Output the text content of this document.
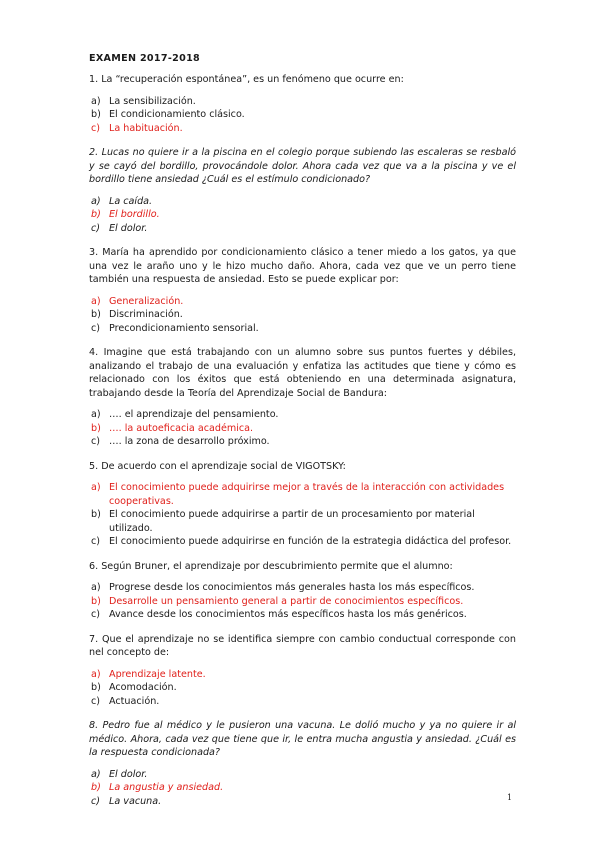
EXAMEN 2017-2018

1. La “recuperación espontánea”, es un fenómeno que ocurre en:

a) La sensibilización.
b) El condicionamiento clásico.
c) La habituación.

2. Lucas no quiere ir a la piscina en el colegio porque subiendo las escaleras se resbaló y se cayó del bordillo, provocándole dolor. Ahora cada vez que va a la piscina y ve el bordillo tiene ansiedad ¿Cuál es el estímulo condicionado?

a) La caída.
b) El bordillo.
c) El dolor.

3. María ha aprendido por condicionamiento clásico a tener miedo a los gatos, ya que una vez le araño uno y le hizo mucho daño. Ahora, cada vez que ve un perro tiene también una respuesta de ansiedad. Esto se puede explicar por:

a) Generalización.
b) Discriminación.
c) Precondicionamiento sensorial.

4. Imagine que está trabajando con un alumno sobre sus puntos fuertes y débiles, analizando el trabajo de una evaluación y enfatiza las actitudes que tiene y cómo es relacionado con los éxitos que está obteniendo en una determinada asignatura, trabajando desde la Teoría del Aprendizaje Social de Bandura:

a) …. el aprendizaje del pensamiento.
b) …. la autoeficacia académica.
c) …. la zona de desarrollo próximo.

5. De acuerdo con el aprendizaje social de VIGOTSKY:

a) El conocimiento puede adquirirse mejor a través de la interacción con actividades cooperativas.
b) El conocimiento puede adquirirse a partir de un procesamiento por material utilizado.
c) El conocimiento puede adquirirse en función de la estrategia didáctica del profesor.

6. Según Bruner, el aprendizaje por descubrimiento permite que el alumno:

a) Progrese desde los conocimientos más generales hasta los más específicos.
b) Desarrolle un pensamiento general a partir de conocimientos específicos.
c) Avance desde los conocimientos más específicos hasta los más genéricos.

7. Que el aprendizaje no se identifica siempre con cambio conductual corresponde con nel concepto de:

a) Aprendizaje latente.
b) Acomodación.
c) Actuación.

8. Pedro fue al médico y le pusieron una vacuna. Le dolió mucho y ya no quiere ir al médico. Ahora, cada vez que tiene que ir, le entra mucha angustia y ansiedad. ¿Cuál es la respuesta condicionada?

a) El dolor.
b) La angustia y ansiedad.
c) La vacuna.	1
